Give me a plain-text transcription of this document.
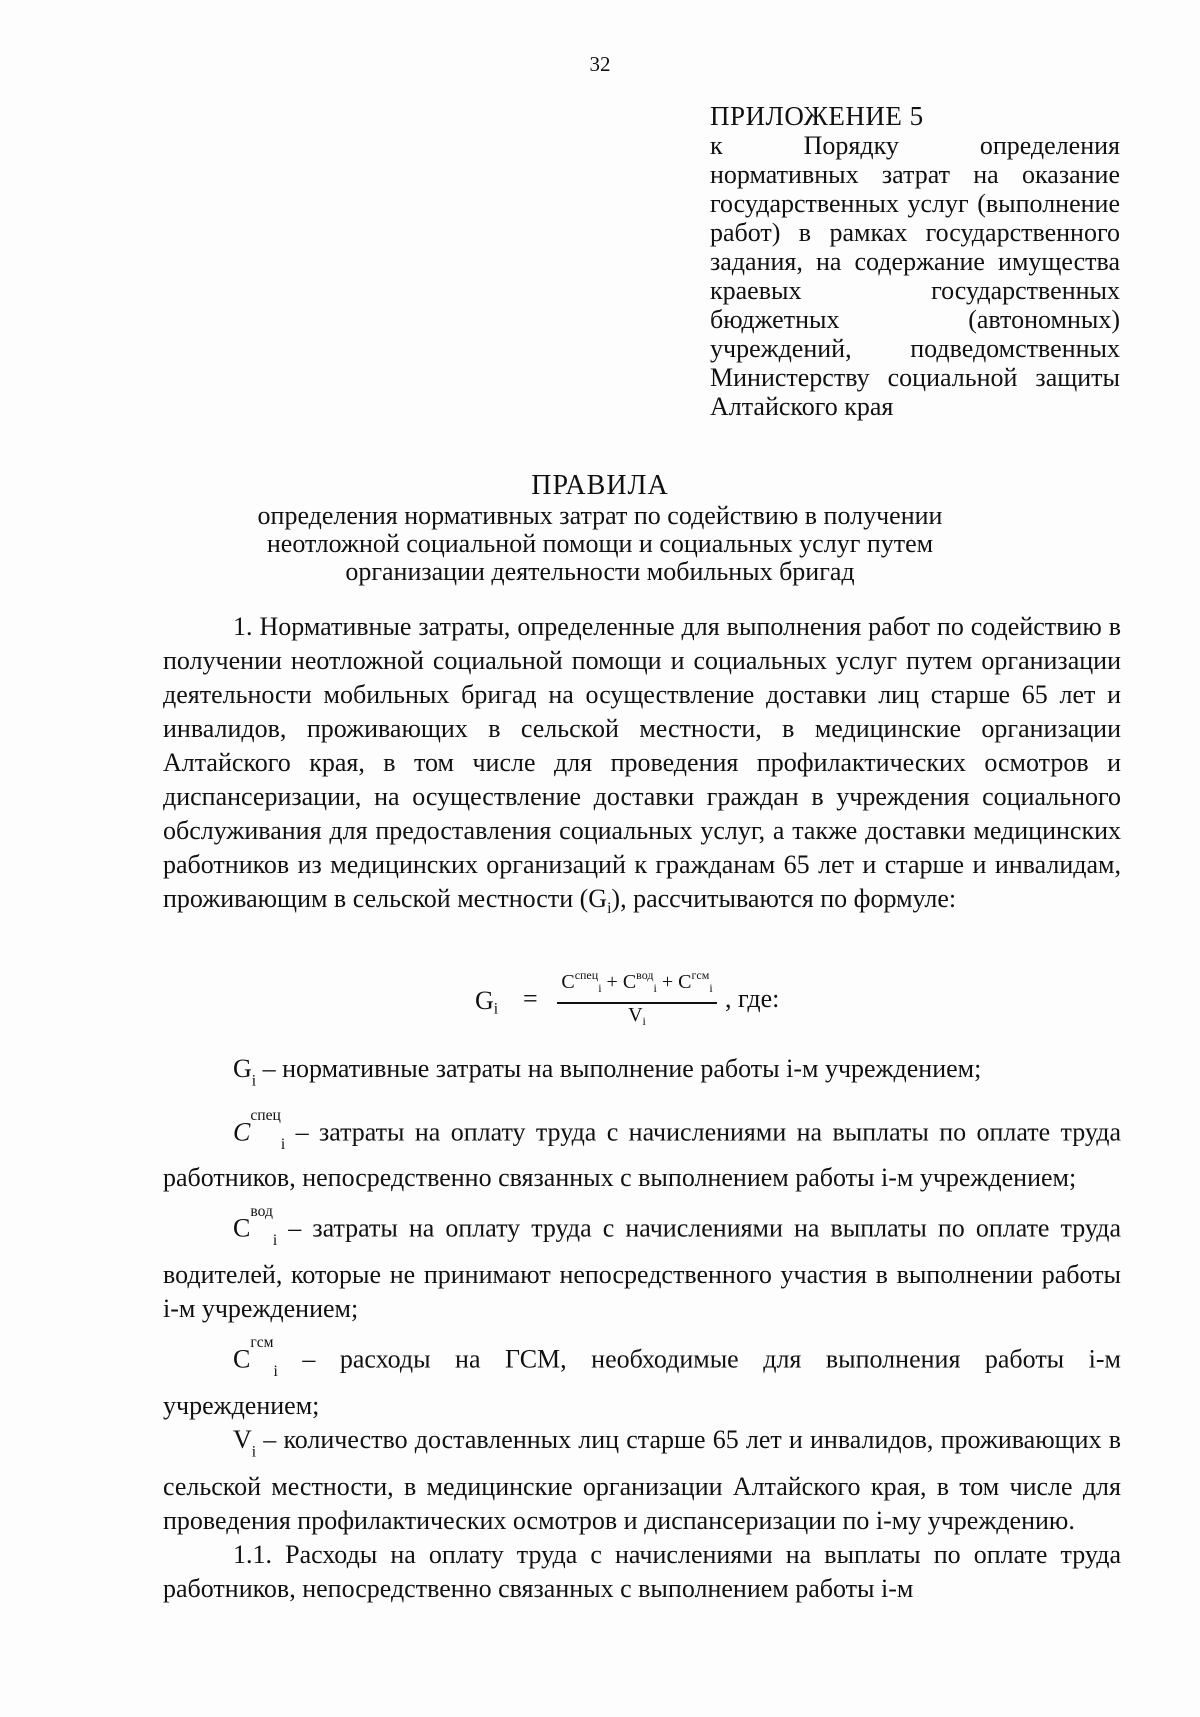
32
ПРИЛОЖЕНИЕ 5
к Порядку определения нормативных затрат на оказание государственных услуг (выполнение работ) в рамках государственного задания, на содержание имущества краевых государственных бюджетных (автономных) учреждений, подведомственных Министерству социальной защиты Алтайского края
ПРАВИЛА
определения нормативных затрат по содействию в получении неотложной социальной помощи и социальных услуг путем организации деятельности мобильных бригад

1. Нормативные затраты, определенные для выполнения работ по содействию в получении неотложной социальной помощи и социальных услуг путем организации деятельности мобильных бригад на осуществление доставки лиц старше 65 лет и инвалидов, проживающих в сельской местности, в медицинские организации Алтайского края, в том числе для проведения профилактических осмотров и диспансеризации, на осуществление доставки граждан в учреждения социального обслуживания для предоставления социальных услуг, а также доставки медицинских работников из медицинских организаций к гражданам 65 лет и старше и инвалидам, проживающим в сельской местности $(G_i)$, рассчитываются по формуле:

$G_i$ =
$C^{спец}_i + C^{вод}_i + C^{гсм}_i$
$V_i$
, где:

$G_i$ – нормативные затраты на выполнение работы i-м учреждением;

$C^{спец}_i$ – затраты на оплату труда с начислениями на выплаты по оплате труда работников, непосредственно связанных с выполнением работы i-м учреждением;

$C^{вод}_i$ – затраты на оплату труда с начислениями на выплаты по оплате труда водителей, которые не принимают непосредственного участия в выполнении работы i-м учреждением;

$C^{гсм}_i$ – расходы на ГСМ, необходимые для выполнения работы i-м учреждением;

$V_i$ – количество доставленных лиц старше 65 лет и инвалидов, проживающих в сельской местности, в медицинские организации Алтайского края, в том числе для проведения профилактических осмотров и диспансеризации по i-му учреждению.

1.1. Расходы на оплату труда с начислениями на выплаты по оплате труда работников, непосредственно связанных с выполнением работы i-м
